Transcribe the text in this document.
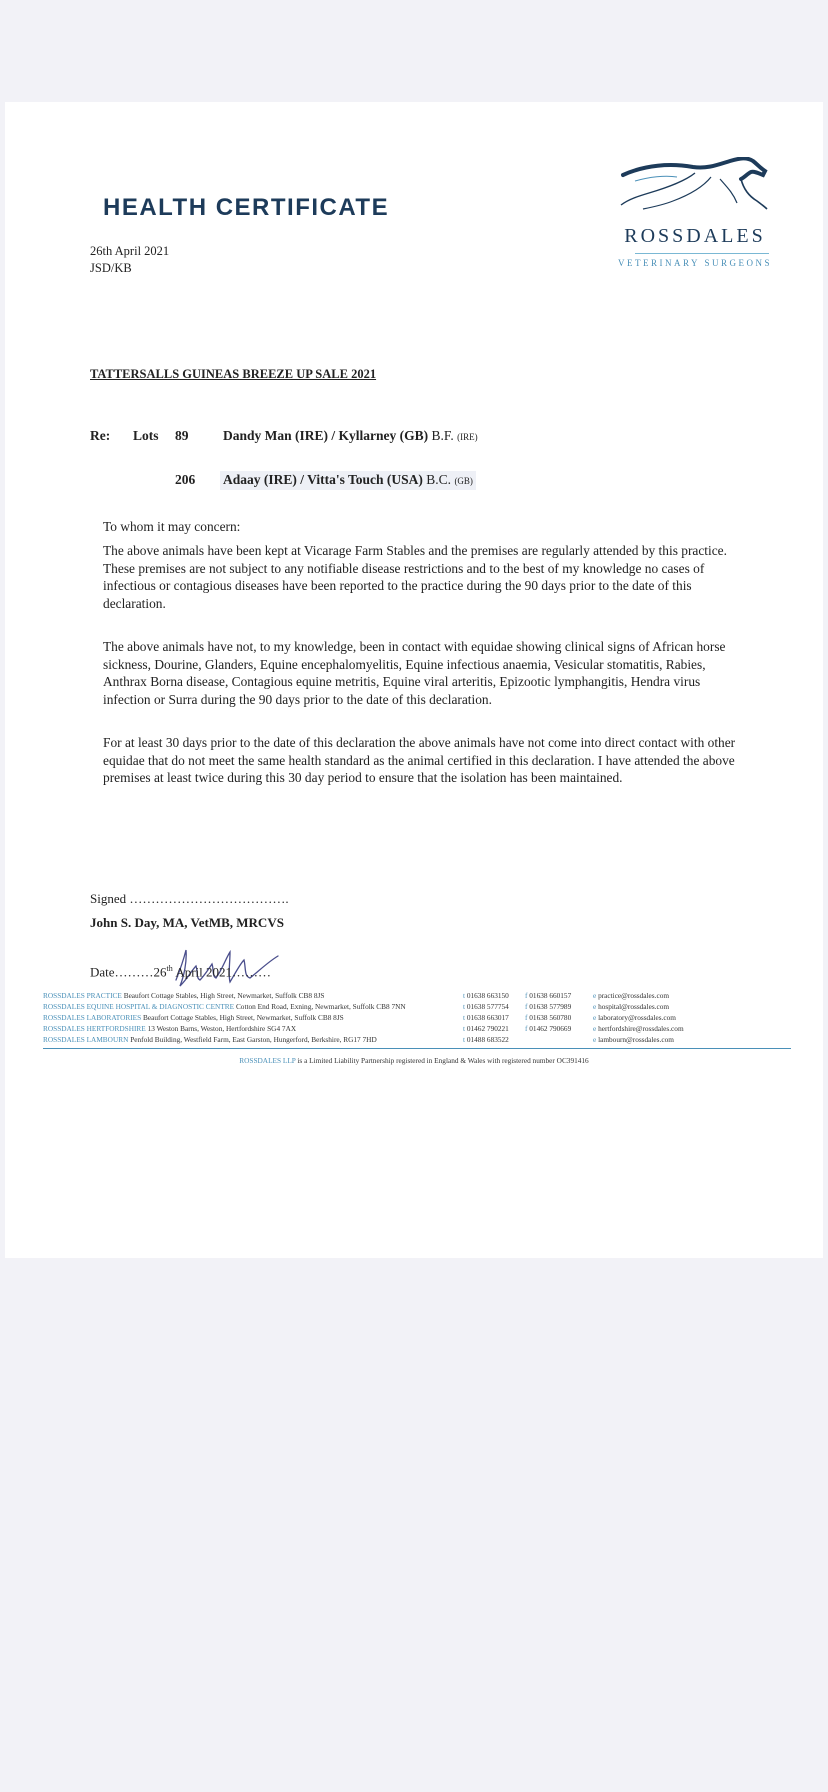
HEALTH CERTIFICATE
ROSSDALES
VETERINARY SURGEONS
26th April 2021
JSD/KB
TATTERSALLS GUINEAS BREEZE UP SALE 2021
Re: Lots 89	Dandy Man (IRE) / Kyllarney (GB) B.F. (IRE)
206 Adaay (IRE) / Vitta's Touch (USA) B.C. (GB)
To whom it may concern:
The above animals have been kept at Vicarage Farm Stables and the premises are regularly attended by this practice. These premises are not subject to any notifiable disease restrictions and to the best of my knowledge no cases of infectious or contagious diseases have been reported to the practice during the 90 days prior to the date of this declaration.
The above animals have not, to my knowledge, been in contact with equidae showing clinical signs of African horse sickness, Dourine, Glanders, Equine encephalomyelitis, Equine infectious anaemia, Vesicular stomatitis, Rabies, Anthrax Borna disease, Contagious equine metritis, Equine viral arteritis, Epizootic lymphangitis, Hendra virus infection or Surra during the 90 days prior to the date of this declaration.
For at least 30 days prior to the date of this declaration the above animals have not come into direct contact with other equidae that do not meet the same health standard as the animal certified in this declaration. I have attended the above premises at least twice during this 30 day period to ensure that the isolation has been maintained.
Signed ……………………………….
John S. Day, MA, VetMB, MRCVS
Date………26th April 2021………
ROSSDALES PRACTICE Beaufort Cottage Stables, High Street, Newmarket, Suffolk CB8 8JS	t 01638 663150 f 01638 660157	e practice@rossdales.com
ROSSDALES EQUINE HOSPITAL & DIAGNOSTIC CENTRE Cotton End Road, Exning, Newmarket, Suffolk CB8 7NN	t 01638 577754 f 01638 577989	e hospital@rossdales.com
ROSSDALES LABORATORIES Beaufort Cottage Stables, High Street, Newmarket, Suffolk CB8 8JS	t 01638 663017 f 01638 560780	e laboratory@rossdales.com
ROSSDALES HERTFORDSHIRE 13 Weston Barns, Weston, Hertfordshire SG4 7AX	t 01462 790221 f 01462 790669	e hertfordshire@rossdales.com
ROSSDALES LAMBOURN Penfold Building, Westfield Farm, East Garston, Hungerford, Berkshire, RG17 7HD	t 01488 683522	e lambourn@rossdales.com
ROSSDALES LLP is a Limited Liability Partnership registered in England & Wales with registered number OC391416
